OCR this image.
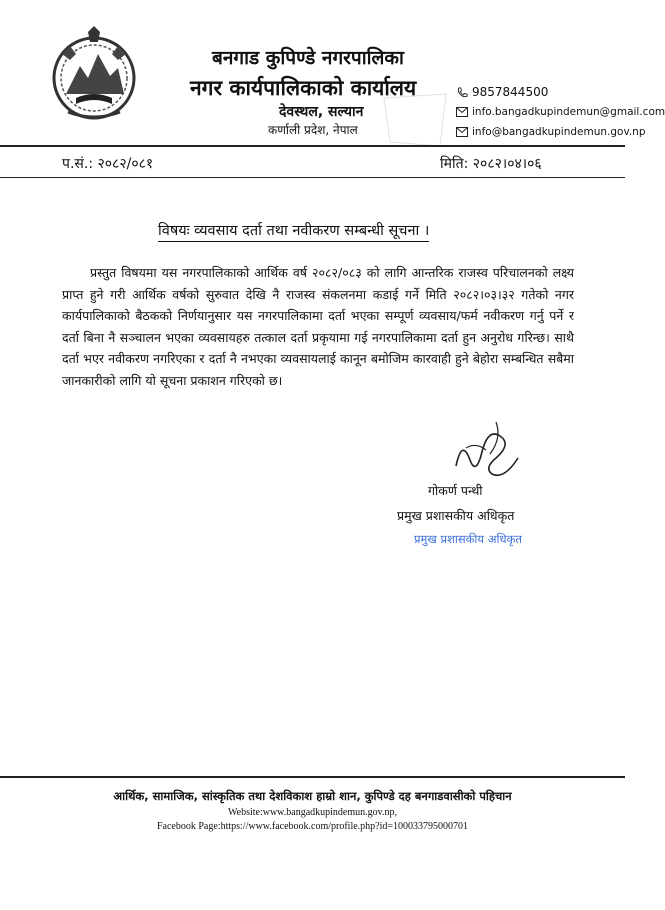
बनगाड कुपिण्डे नगरपालिका
नगर कार्यपालिकाको कार्यालय
देवस्थल, सल्यान
कर्णाली प्रदेश, नेपाल
9857844500
info.bangadkupindemun@gmail.com
info@bangadkupindemun.gov.np
प.सं.: २०८२/०८१	मिति: २०८२।०४।०६
विषयः व्यवसाय दर्ता तथा नवीकरण सम्बन्धी सूचना ।

प्रस्तुत विषयमा यस नगरपालिकाको आर्थिक वर्ष २०८२/०८३ को लागि आन्तरिक राजस्व परिचालनको लक्ष्य प्राप्त हुने गरी आर्थिक वर्षको सुरुवात देखि नै राजस्व संकलनमा कडाई गर्ने मिति २०८२।०३।३२ गतेको नगर कार्यपालिकाको बैठकको निर्णयानुसार यस नगरपालिकामा दर्ता भएका सम्पूर्ण व्यवसाय/फर्म नवीकरण गर्नु पर्ने र दर्ता बिना नै सञ्चालन भएका व्यवसायहरु तत्काल दर्ता प्रकृयामा गई नगरपालिकामा दर्ता हुन अनुरोध गरिन्छ। साथै दर्ता भएर नवीकरण नगरिएका र दर्ता नै नभएका व्यवसायलाई कानून बमोजिम कारवाही हुने बेहोरा सम्बन्धित सबैमा जानकारीको लागि यो सूचना प्रकाशन गरिएको छ।

गोकर्ण पन्थी
प्रमुख प्रशासकीय अधिकृत
प्रमुख प्रशासकीय अधिकृत
आर्थिक, सामाजिक, सांस्कृतिक तथा देशविकाश हाम्रो शान, कुपिण्डे दह बनगाडवासीको पहिचान
Website:www.bangadkupindemun.gov.np,
Facebook Page:https://www.facebook.com/profile.php?id=100033795000701
